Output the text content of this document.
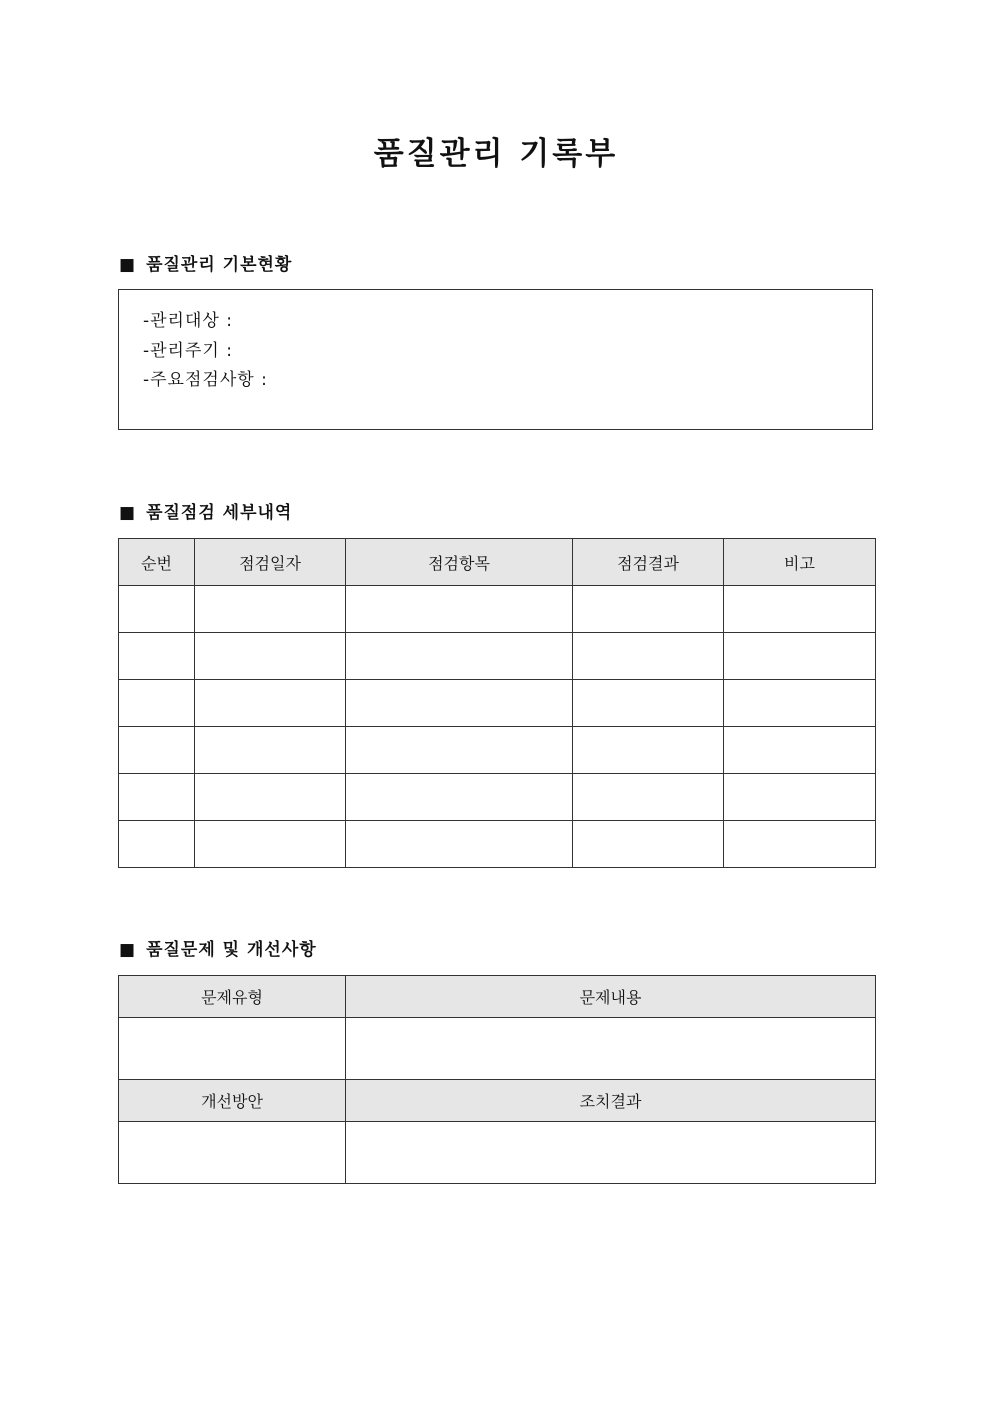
품질관리 기록부
■ 품질관리 기본현황
-관리대상 :
-관리주기 :
-주요점검사항 :
■ 품질점검 세부내역
순번	점검일자	점검항목	점검결과	비고

■ 품질문제 및 개선사항
문제유형	문제내용

개선방안	조치결과
